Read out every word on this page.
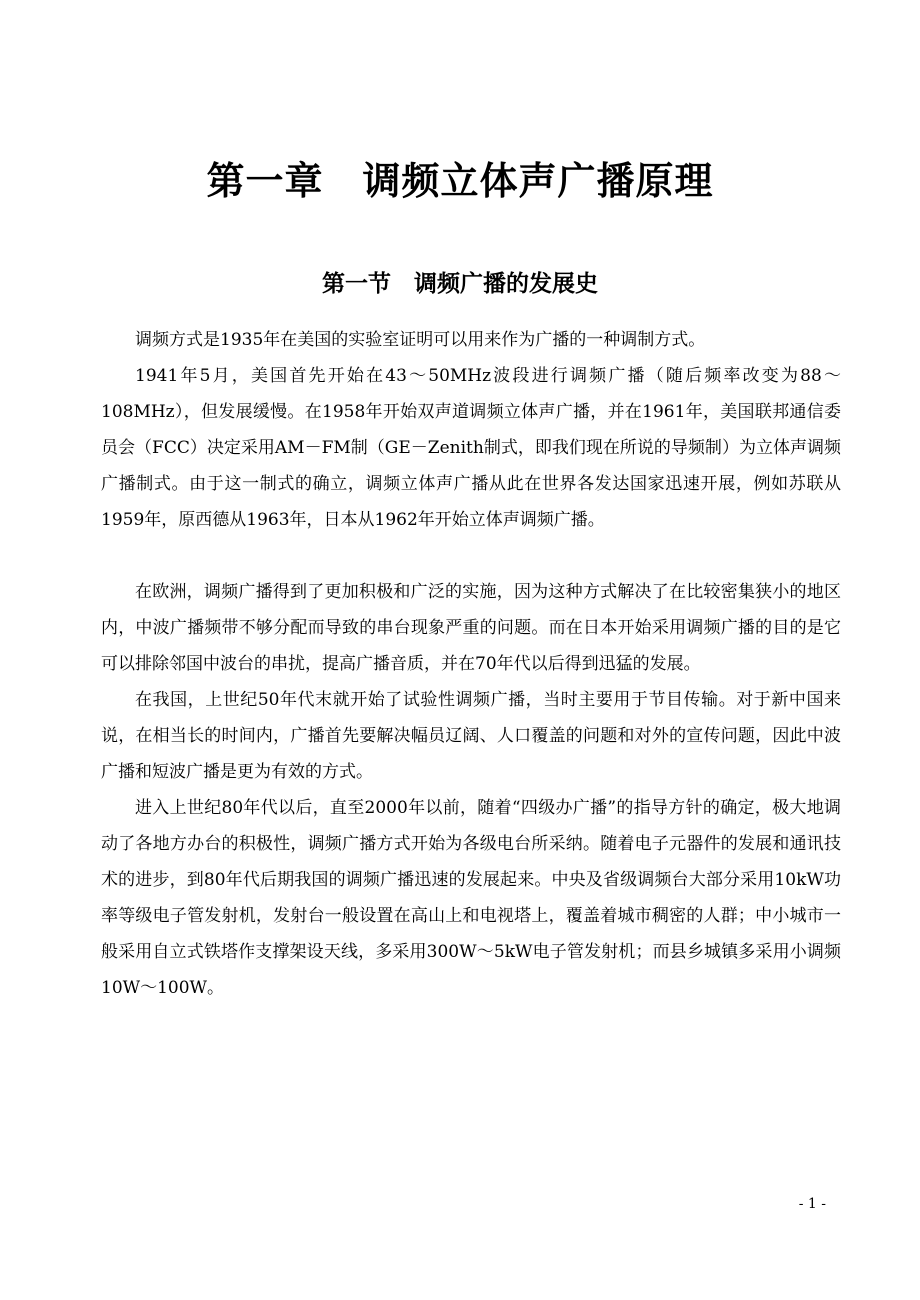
第一章　调频立体声广播原理
第一节　调频广播的发展史

调频方式是1935年在美国的实验室证明可以用来作为广播的一种调制方式。

1941年5月，美国首先开始在43～50MHz波段进行调频广播（随后频率改变为88～108MHz），但发展缓慢。在1958年开始双声道调频立体声广播，并在1961年，美国联邦通信委员会（FCC）决定采用AM－FM制（GE－Zenith制式，即我们现在所说的导频制）为立体声调频广播制式。由于这一制式的确立，调频立体声广播从此在世界各发达国家迅速开展，例如苏联从1959年，原西德从1963年，日本从1962年开始立体声调频广播。

在欧洲，调频广播得到了更加积极和广泛的实施，因为这种方式解决了在比较密集狭小的地区内，中波广播频带不够分配而导致的串台现象严重的问题。而在日本开始采用调频广播的目的是它可以排除邻国中波台的串扰，提高广播音质，并在70年代以后得到迅猛的发展。

在我国，上世纪50年代末就开始了试验性调频广播，当时主要用于节目传输。对于新中国来说，在相当长的时间内，广播首先要解决幅员辽阔、人口覆盖的问题和对外的宣传问题，因此中波广播和短波广播是更为有效的方式。

进入上世纪80年代以后，直至2000年以前，随着“四级办广播”的指导方针的确定，极大地调动了各地方办台的积极性，调频广播方式开始为各级电台所采纳。随着电子元器件的发展和通讯技术的进步，到80年代后期我国的调频广播迅速的发展起来。中央及省级调频台大部分采用10kW功率等级电子管发射机，发射台一般设置在高山上和电视塔上，覆盖着城市稠密的人群；中小城市一般采用自立式铁塔作支撑架设天线，多采用300W～5kW电子管发射机；而县乡城镇多采用小调频10W～100W。

- 1 -
